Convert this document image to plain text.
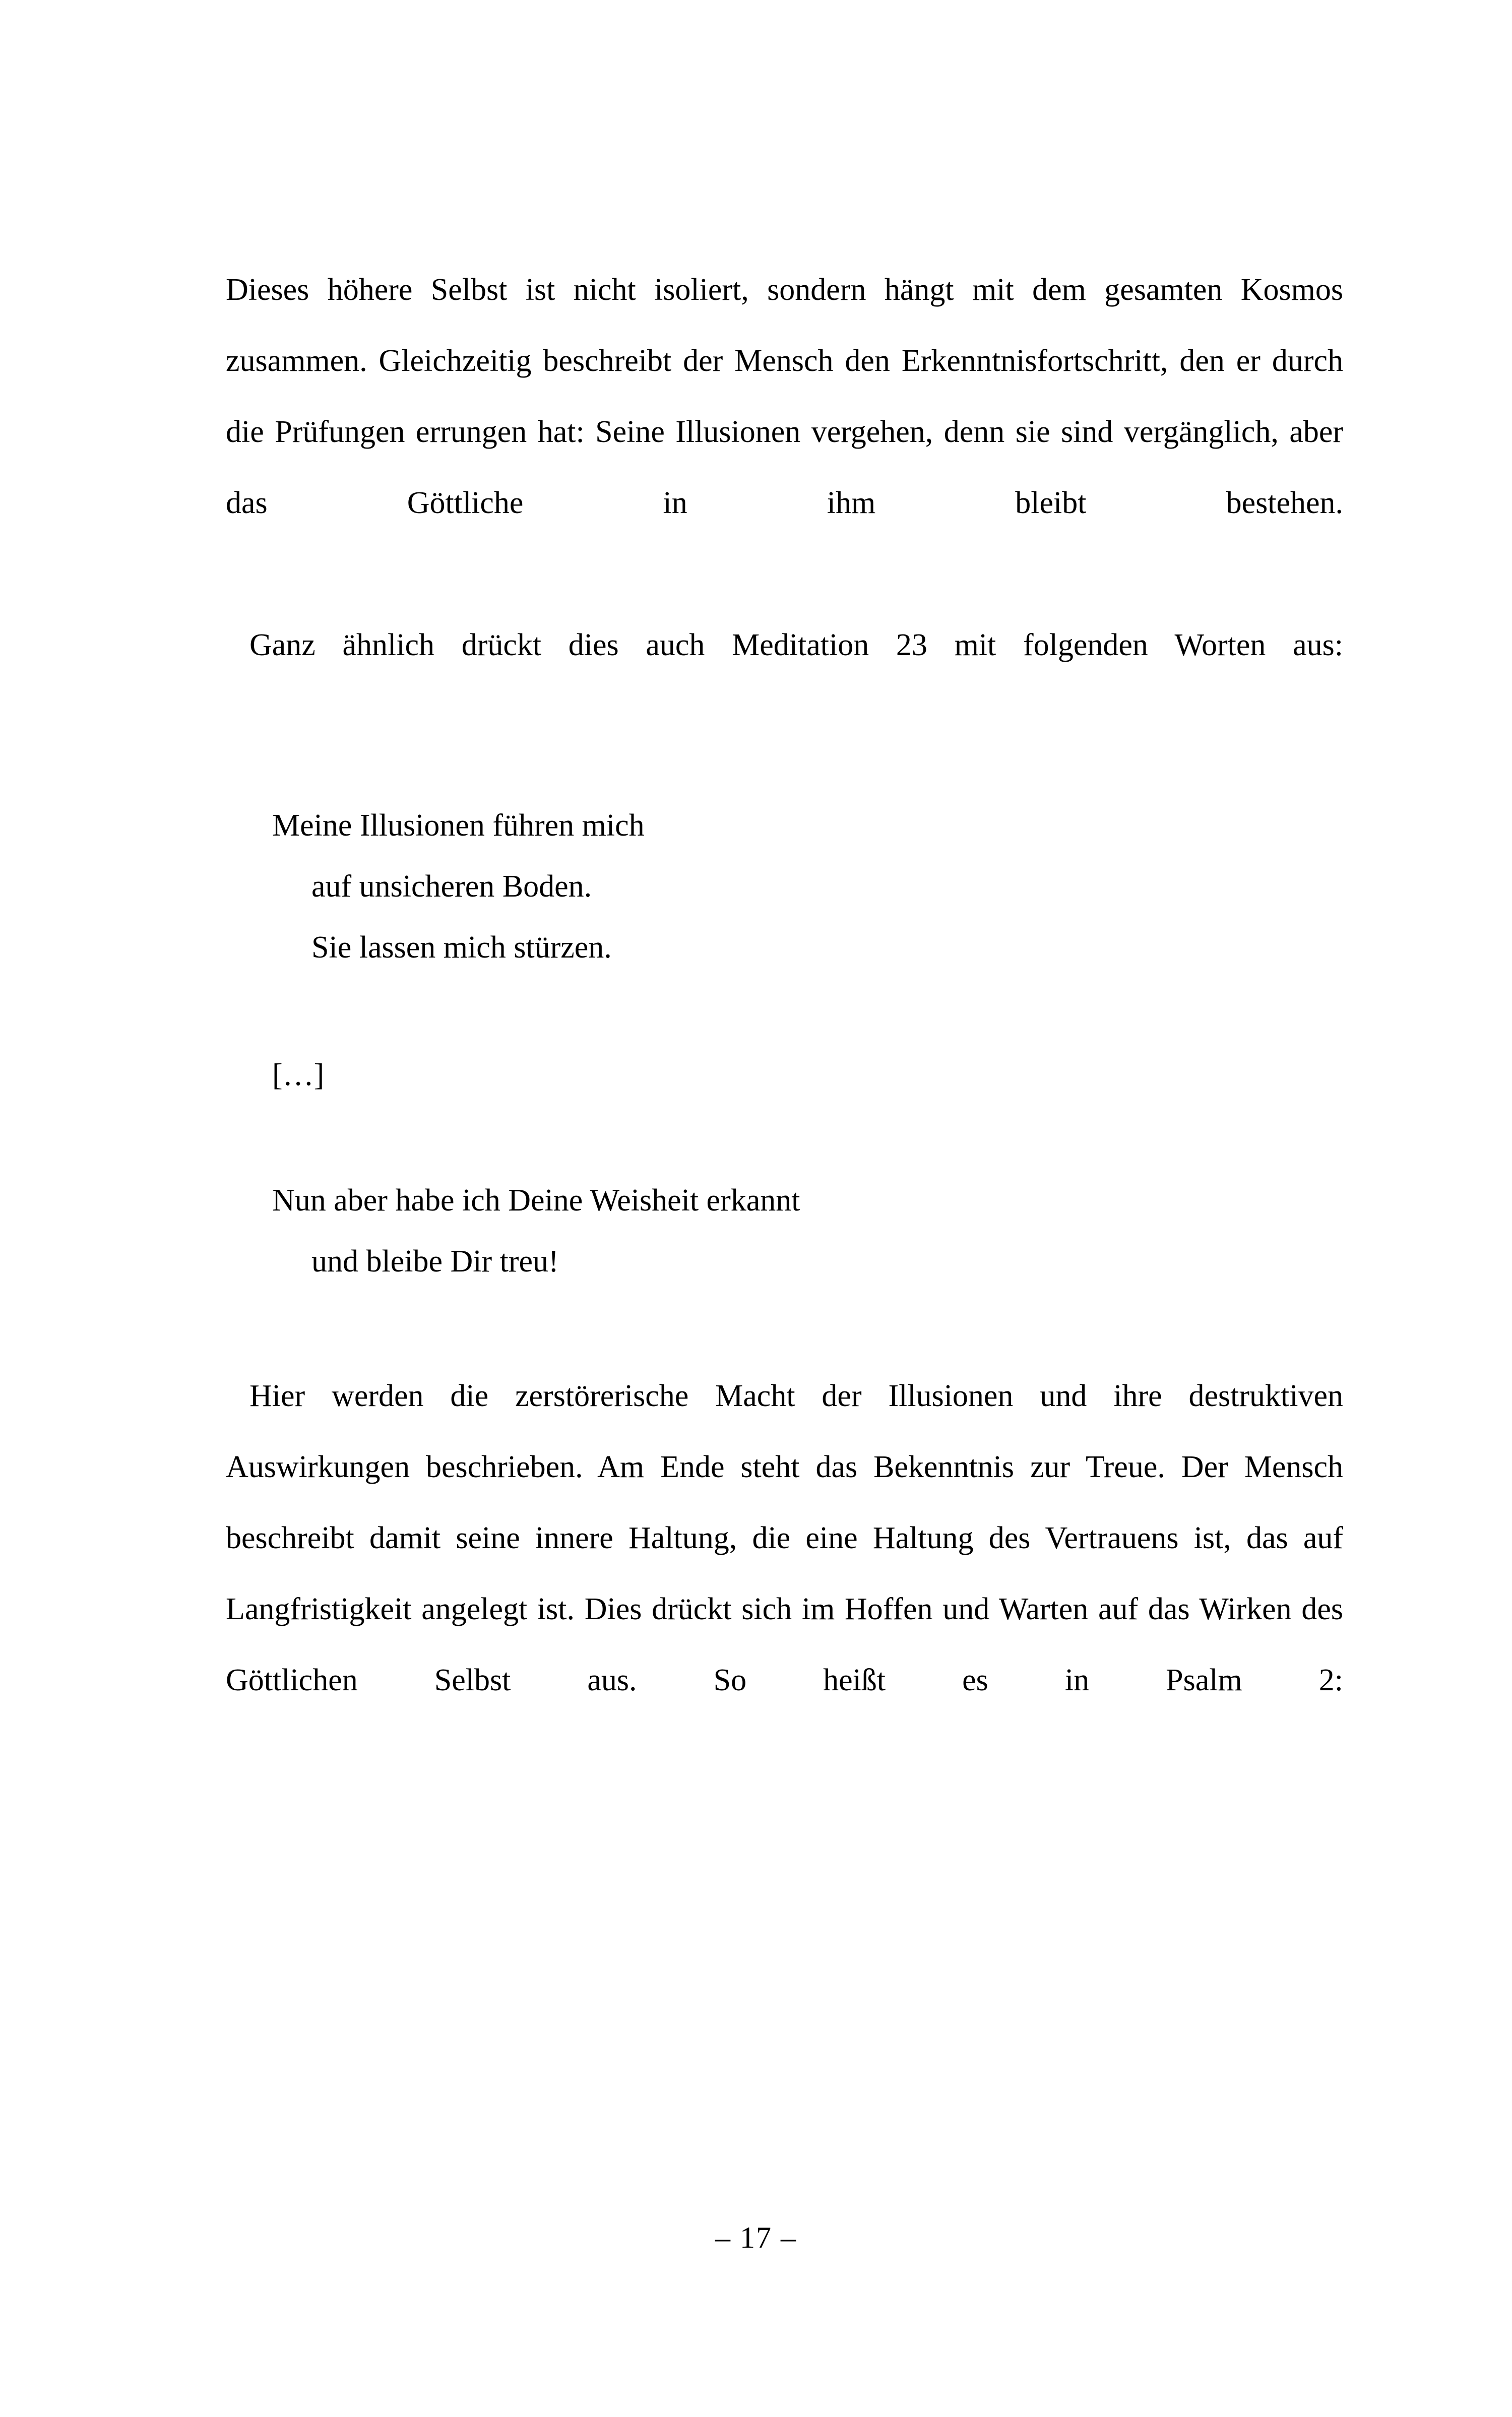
Dieses höhere Selbst ist nicht isoliert, sondern hängt mit dem gesamten Kosmos zusammen. Gleichzeitig beschreibt der Mensch den Erkenntnisfortschritt, den er durch die Prüfungen errungen hat: Seine Illusionen vergehen, denn sie sind vergänglich, aber das Göttliche in ihm bleibt bestehen.

Ganz ähnlich drückt dies auch Meditation 23 mit folgenden Worten aus:

Meine Illusionen führen mich
auf unsicheren Boden.
Sie lassen mich stürzen.

[…]

Nun aber habe ich Deine Weisheit erkannt
und bleibe Dir treu!

Hier werden die zerstörerische Macht der Illusionen und ihre destruktiven Auswirkungen beschrieben. Am Ende steht das Bekenntnis zur Treue. Der Mensch beschreibt damit seine innere Haltung, die eine Haltung des Vertrauens ist, das auf Langfristigkeit angelegt ist. Dies drückt sich im Hoffen und Warten auf das Wirken des Göttlichen Selbst aus. So heißt es in Psalm 2:

– 17 –
